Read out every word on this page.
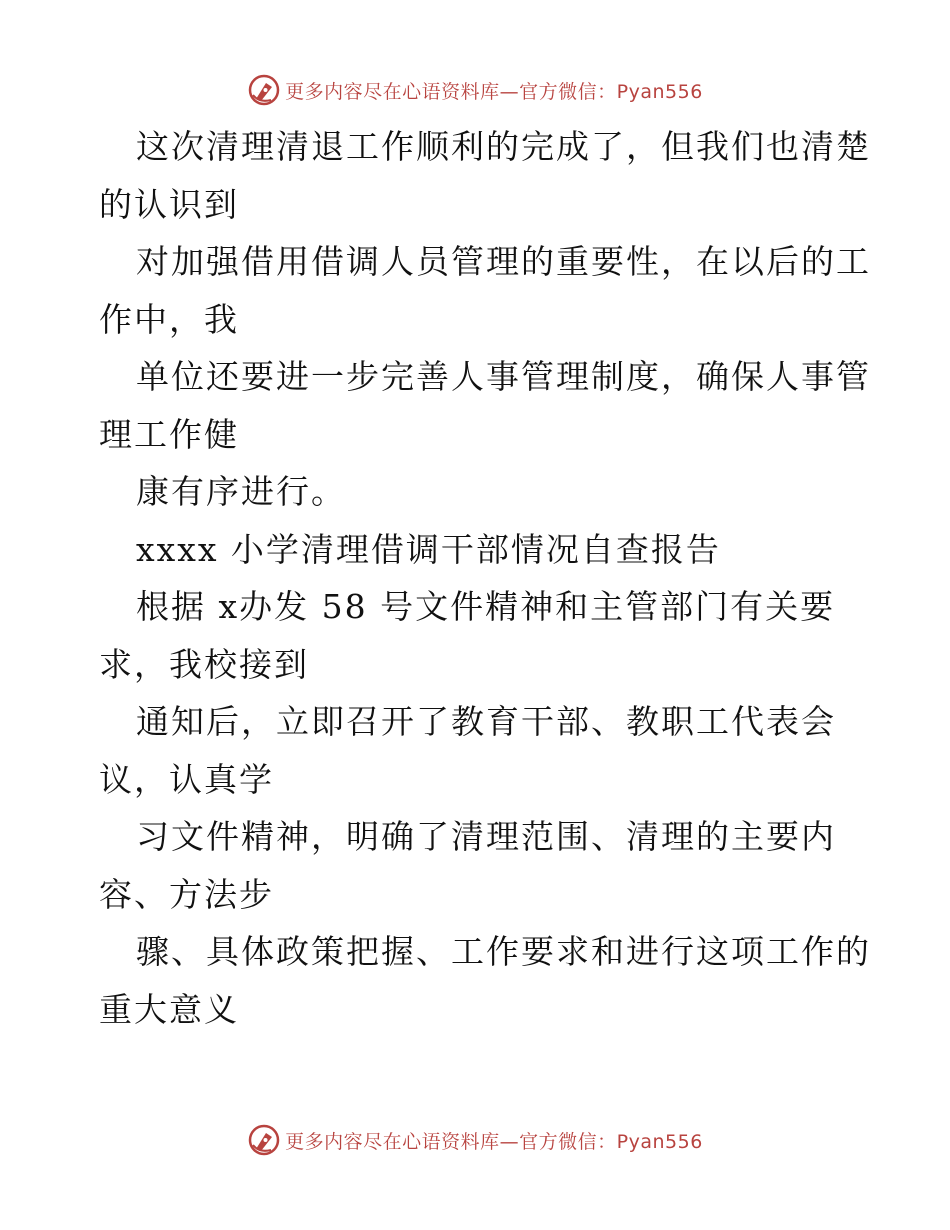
更多内容尽在心语资料库—官方微信：Pyan556
这次清理清退工作顺利的完成了，但我们也清楚
的认识到
对加强借用借调人员管理的重要性，在以后的工
作中，我
单位还要进一步完善人事管理制度，确保人事管
理工作健
康有序进行。
xxxx 小学清理借调干部情况自查报告
根据 x办发 58 号文件精神和主管部门有关要
求，我校接到
通知后，立即召开了教育干部、教职工代表会
议，认真学
习文件精神，明确了清理范围、清理的主要内
容、方法步
骤、具体政策把握、工作要求和进行这项工作的
重大意义
更多内容尽在心语资料库—官方微信：Pyan556
